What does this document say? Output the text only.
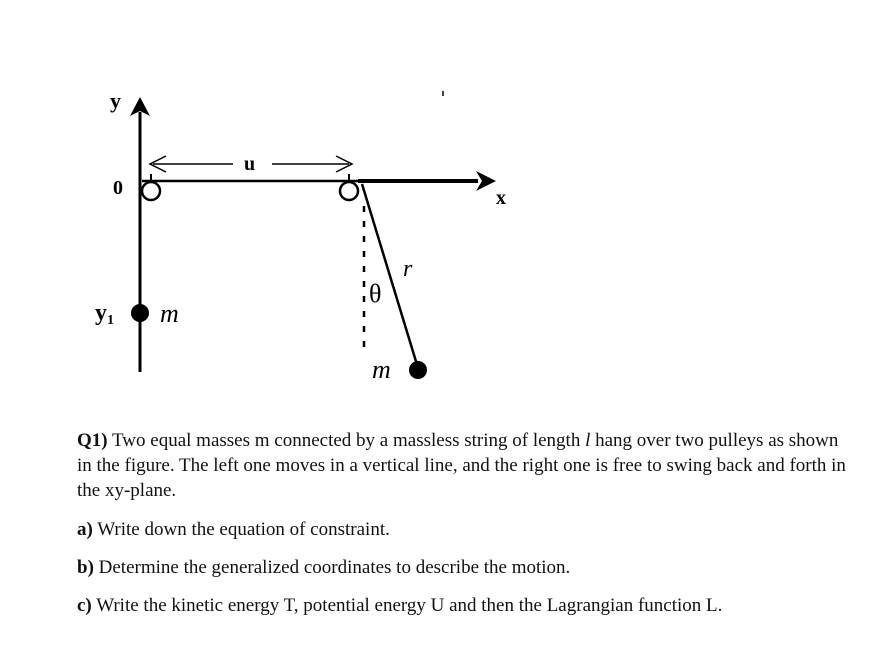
y
0
u
x
r
θ
m
y1 m

Q1) Two equal masses m connected by a massless string of length l hang over two pulleys as shown in the figure. The left one moves in a vertical line, and the right one is free to swing back and forth in the xy-plane.

a) Write down the equation of constraint.

b) Determine the generalized coordinates to describe the motion.

c) Write the kinetic energy T, potential energy U and then the Lagrangian function L.
